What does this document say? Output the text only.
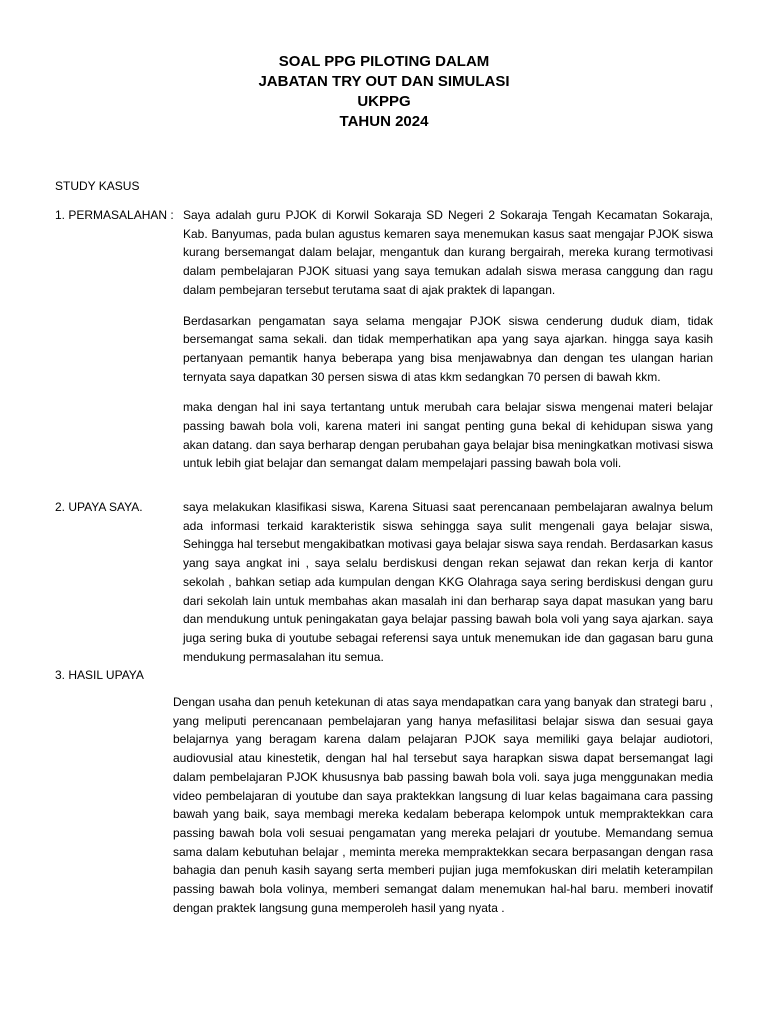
SOAL PPG PILOTING DALAM
JABATAN TRY OUT DAN SIMULASI
UKPPG
TAHUN 2024
STUDY KASUS
1. PERMASALAHAN : Saya adalah guru PJOK di Korwil Sokaraja SD Negeri 2 Sokaraja Tengah Kecamatan Sokaraja, Kab. Banyumas, pada bulan agustus kemaren saya menemukan kasus saat mengajar PJOK siswa kurang bersemangat dalam belajar, mengantuk dan kurang bergairah, mereka kurang termotivasi dalam pembelajaran PJOK situasi yang saya temukan adalah siswa merasa canggung dan ragu dalam pembejaran tersebut terutama saat di ajak praktek di lapangan.

Berdasarkan pengamatan saya selama mengajar PJOK siswa cenderung duduk diam, tidak bersemangat sama sekali. dan tidak memperhatikan apa yang saya ajarkan. hingga saya kasih pertanyaan pemantik hanya beberapa yang bisa menjawabnya dan dengan tes ulangan harian ternyata saya dapatkan 30 persen siswa di atas kkm sedangkan 70 persen di bawah kkm.

maka dengan hal ini saya tertantang untuk merubah cara belajar siswa mengenai materi belajar passing bawah bola voli, karena materi ini sangat penting guna bekal di kehidupan siswa yang akan datang. dan saya berharap dengan perubahan gaya belajar bisa meningkatkan motivasi siswa untuk lebih giat belajar dan semangat dalam mempelajari passing bawah bola voli.

2. UPAYA SAYA.	saya melakukan klasifikasi siswa, Karena Situasi saat perencanaan pembelajaran awalnya belum ada informasi terkaid karakteristik siswa sehingga saya sulit mengenali gaya belajar siswa, Sehingga hal tersebut mengakibatkan motivasi gaya belajar siswa saya rendah. Berdasarkan kasus yang saya angkat ini , saya selalu berdiskusi dengan rekan sejawat dan rekan kerja di kantor sekolah , bahkan setiap ada kumpulan dengan KKG Olahraga saya sering berdiskusi dengan guru dari sekolah lain untuk membahas akan masalah ini dan berharap saya dapat masukan yang baru dan mendukung untuk peningakatan gaya belajar passing bawah bola voli yang saya ajarkan. saya juga sering buka di youtube sebagai referensi saya untuk menemukan ide dan gagasan baru guna mendukung permasalahan itu semua.

3. HASIL UPAYA

Dengan usaha dan penuh ketekunan di atas saya mendapatkan cara yang banyak dan strategi baru , yang meliputi perencanaan pembelajaran yang hanya mefasilitasi belajar siswa dan sesuai gaya belajarnya yang beragam karena dalam pelajaran PJOK saya memiliki gaya belajar audiotori, audiovusial atau kinestetik, dengan hal hal tersebut saya harapkan siswa dapat bersemangat lagi dalam pembelajaran PJOK khususnya bab passing bawah bola voli. saya juga menggunakan media video pembelajaran di youtube dan saya praktekkan langsung di luar kelas bagaimana cara passing bawah yang baik, saya membagi mereka kedalam beberapa kelompok untuk mempraktekkan cara passing bawah bola voli sesuai pengamatan yang mereka pelajari dr youtube. Memandang semua sama dalam kebutuhan belajar , meminta mereka mempraktekkan secara berpasangan dengan rasa bahagia dan penuh kasih sayang serta memberi pujian juga memfokuskan diri melatih keterampilan passing bawah bola volinya, memberi semangat dalam menemukan hal-hal baru. memberi inovatif dengan praktek langsung guna memperoleh hasil yang nyata .
